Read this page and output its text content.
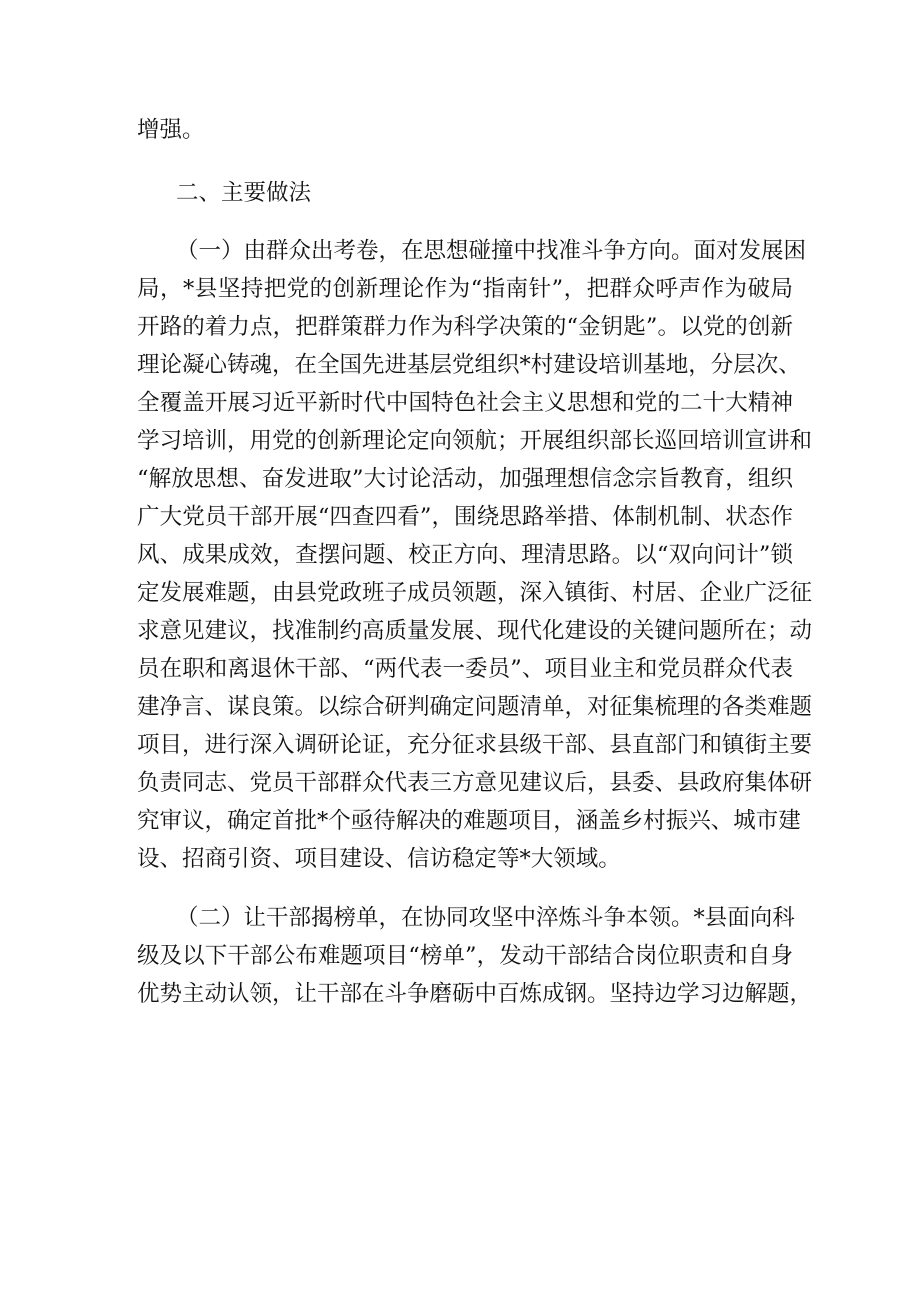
增强。
二、主要做法
（一）由群众出考卷，在思想碰撞中找准斗争方向。面对发展困
局，*县坚持把党的创新理论作为“指南针”，把群众呼声作为破局
开路的着力点，把群策群力作为科学决策的“金钥匙”。以党的创新
理论凝心铸魂，在全国先进基层党组织*村建设培训基地，分层次、
全覆盖开展习近平新时代中国特色社会主义思想和党的二十大精神
学习培训，用党的创新理论定向领航；开展组织部长巡回培训宣讲和
“解放思想、奋发进取”大讨论活动，加强理想信念宗旨教育，组织
广大党员干部开展“四查四看”，围绕思路举措、体制机制、状态作
风、成果成效，查摆问题、校正方向、理清思路。以“双向问计”锁
定发展难题，由县党政班子成员领题，深入镇街、村居、企业广泛征
求意见建议，找准制约高质量发展、现代化建设的关键问题所在；动
员在职和离退休干部、“两代表一委员”、项目业主和党员群众代表
建净言、谋良策。以综合研判确定问题清单，对征集梳理的各类难题
项目，进行深入调研论证，充分征求县级干部、县直部门和镇街主要
负责同志、党员干部群众代表三方意见建议后，县委、县政府集体研
究审议，确定首批*个亟待解决的难题项目，涵盖乡村振兴、城市建
设、招商引资、项目建设、信访稳定等*大领域。
（二）让干部揭榜单，在协同攻坚中淬炼斗争本领。*县面向科
级及以下干部公布难题项目“榜单”，发动干部结合岗位职责和自身
优势主动认领，让干部在斗争磨砺中百炼成钢。坚持边学习边解题，
